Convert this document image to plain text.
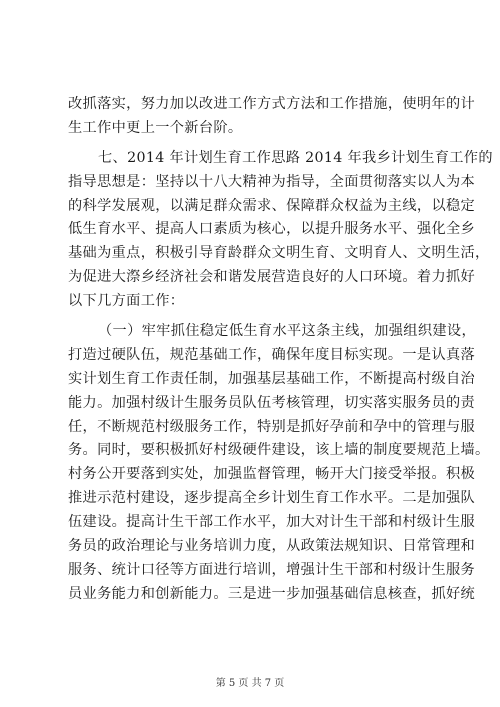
改抓落实，努力加以改进工作方式方法和工作措施，使明年的计
生工作中更上一个新台阶。
七、2014 年计划生育工作思路 2014 年我乡计划生育工作的
指导思想是：坚持以十八大精神为指导，全面贯彻落实以人为本
的科学发展观，以满足群众需求、保障群众权益为主线，以稳定
低生育水平、提高人口素质为核心，以提升服务水平、强化全乡
基础为重点，积极引导育龄群众文明生育、文明育人、文明生活，
为促进大漈乡经济社会和谐发展营造良好的人口环境。着力抓好
以下几方面工作：
（一）牢牢抓住稳定低生育水平这条主线，加强组织建设，
打造过硬队伍，规范基础工作，确保年度目标实现。一是认真落
实计划生育工作责任制，加强基层基础工作，不断提高村级自治
能力。加强村级计生服务员队伍考核管理，切实落实服务员的责
任，不断规范村级服务工作，特别是抓好孕前和孕中的管理与服
务。同时，要积极抓好村级硬件建设，该上墙的制度要规范上墙。
村务公开要落到实处，加强监督管理，畅开大门接受举报。积极
推进示范村建设，逐步提高全乡计划生育工作水平。二是加强队
伍建设。提高计生干部工作水平，加大对计生干部和村级计生服
务员的政治理论与业务培训力度，从政策法规知识、日常管理和
服务、统计口径等方面进行培训，增强计生干部和村级计生服务
员业务能力和创新能力。三是进一步加强基础信息核查，抓好统
第 5 页 共 7 页
